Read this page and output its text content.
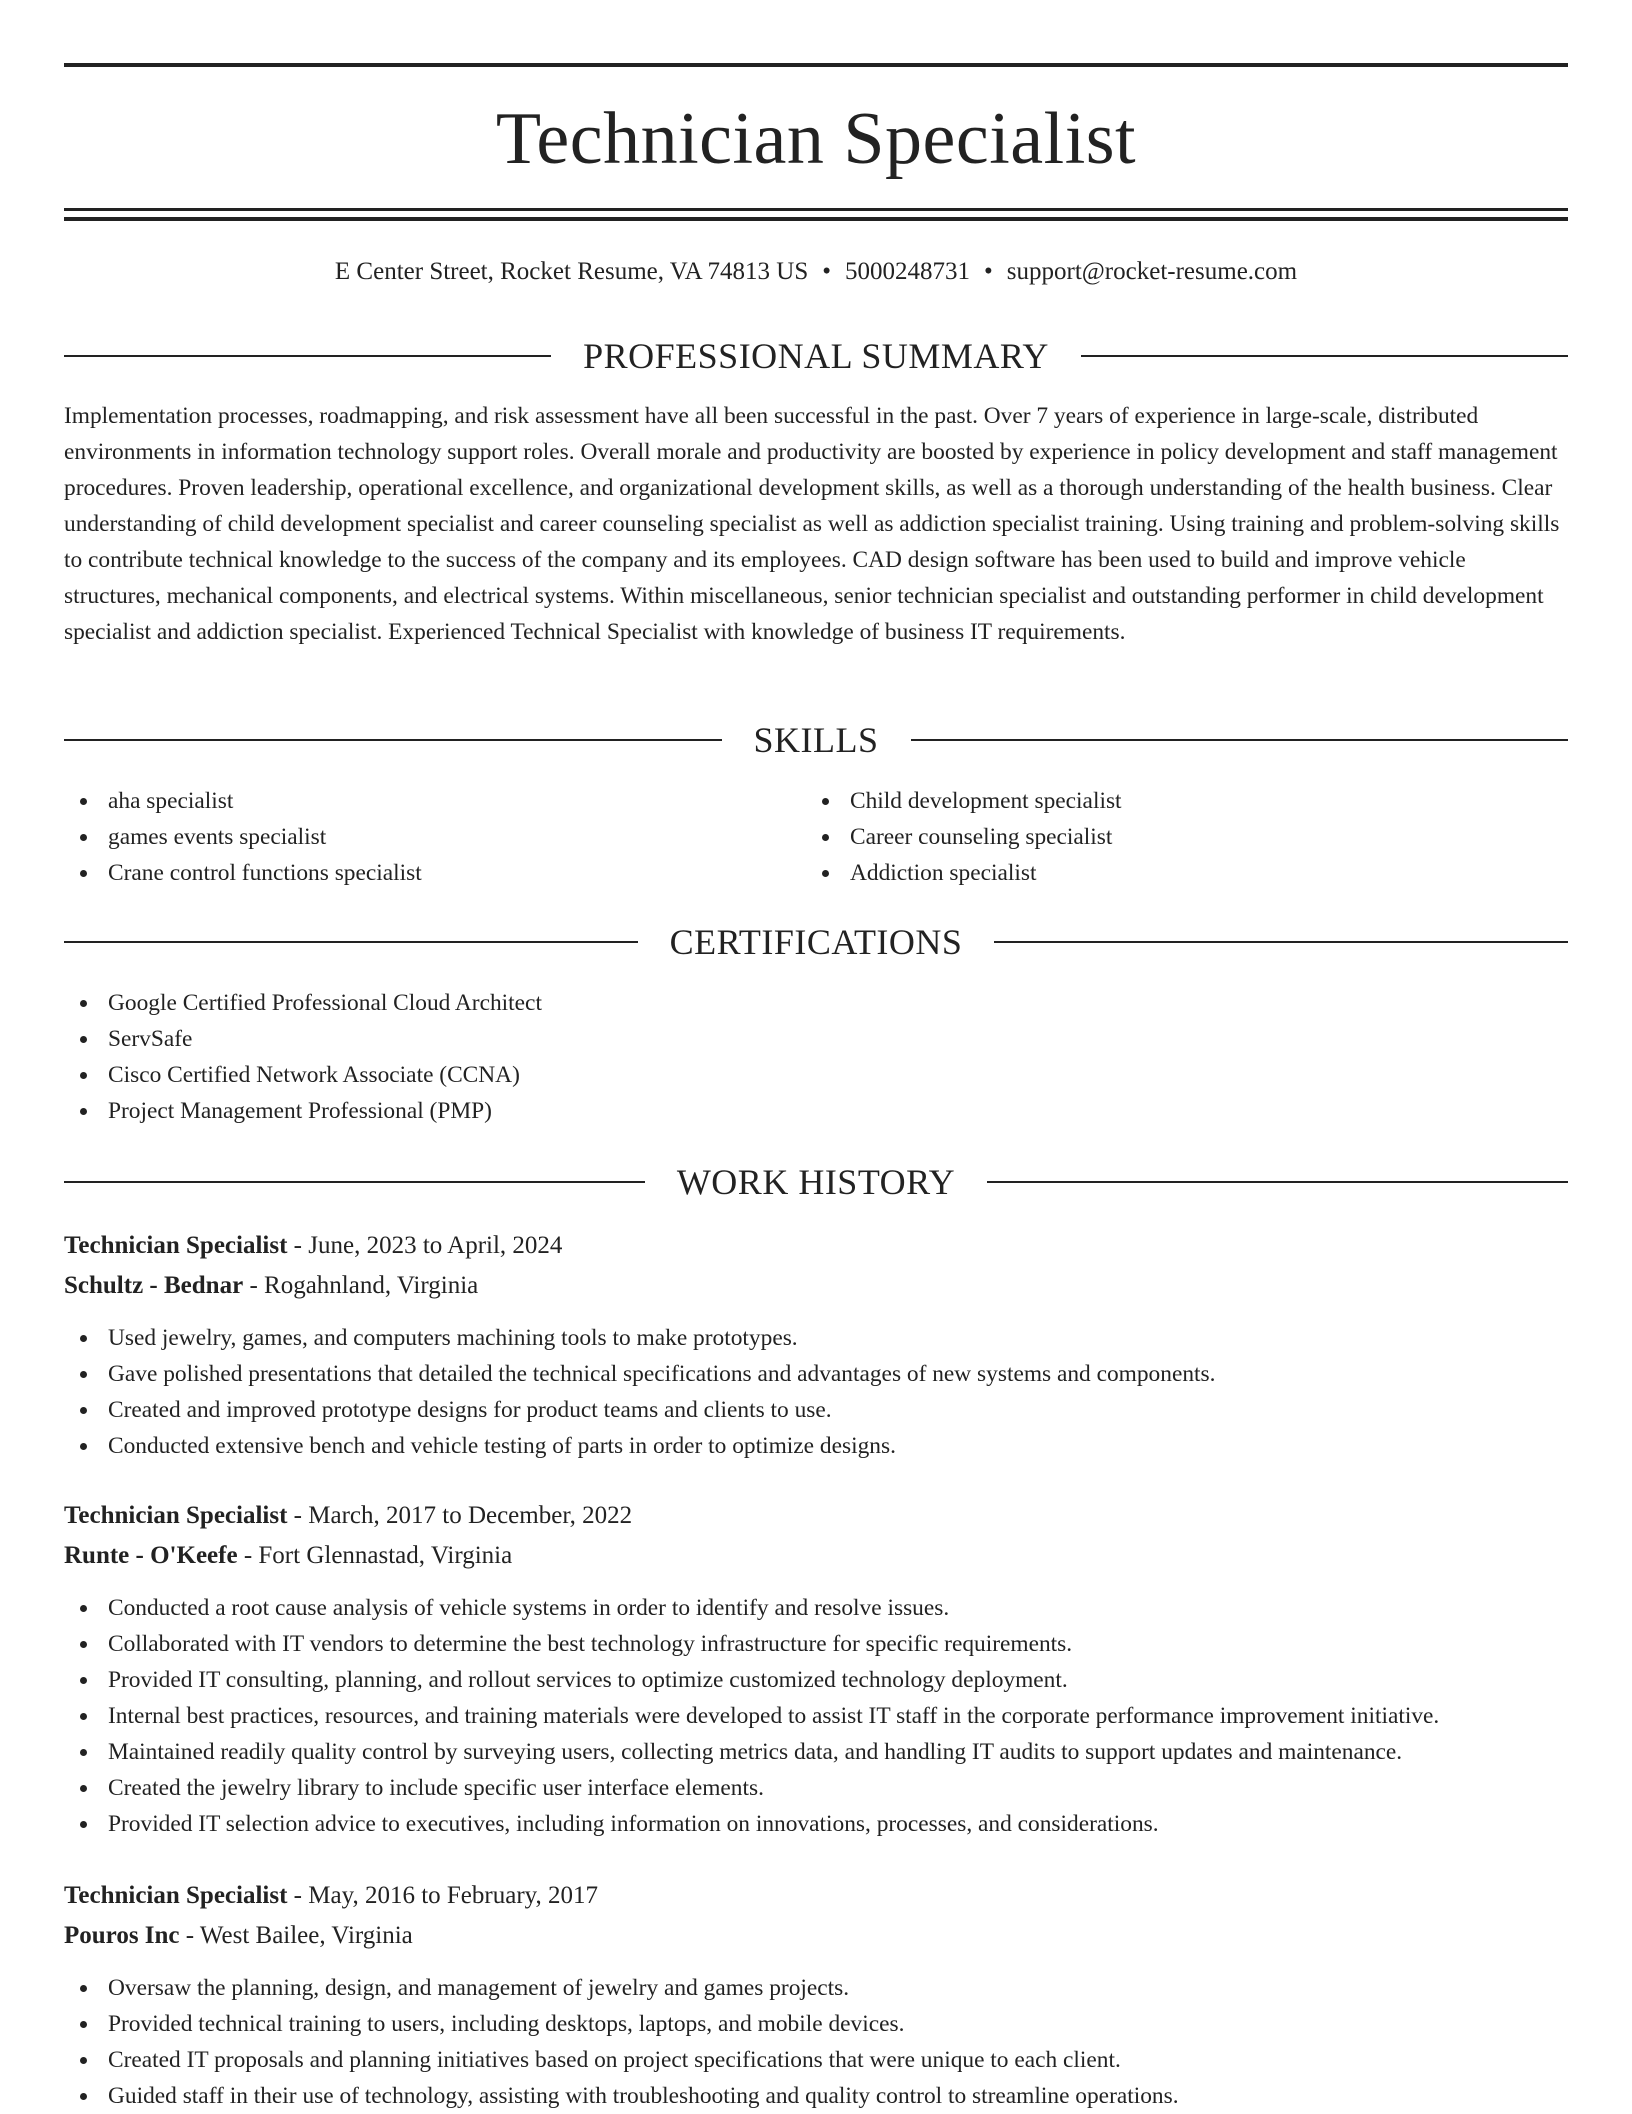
Technician Specialist
E Center Street, Rocket Resume, VA 74813 US • 5000248731 • support@rocket-resume.com
PROFESSIONAL SUMMARY

Implementation processes, roadmapping, and risk assessment have all been successful in the past. Over 7 years of experience in large-scale, distributed environments in information technology support roles. Overall morale and productivity are boosted by experience in policy development and staff management procedures. Proven leadership, operational excellence, and organizational development skills, as well as a thorough understanding of the health business. Clear understanding of child development specialist and career counseling specialist as well as addiction specialist training. Using training and problem-solving skills to contribute technical knowledge to the success of the company and its employees. CAD design software has been used to build and improve vehicle structures, mechanical components, and electrical systems. Within miscellaneous, senior technician specialist and outstanding performer in child development specialist and addiction specialist. Experienced Technical Specialist with knowledge of business IT requirements.

SKILLS
aha specialist
games events specialist
Crane control functions specialist
Child development specialist
Career counseling specialist
Addiction specialist
CERTIFICATIONS
Google Certified Professional Cloud Architect
ServSafe
Cisco Certified Network Associate (CCNA)
Project Management Professional (PMP)
WORK HISTORY
Technician Specialist - June, 2023 to April, 2024
Schultz - Bednar - Rogahnland, Virginia
Used jewelry, games, and computers machining tools to make prototypes.
Gave polished presentations that detailed the technical specifications and advantages of new systems and components.
Created and improved prototype designs for product teams and clients to use.
Conducted extensive bench and vehicle testing of parts in order to optimize designs.
Technician Specialist - March, 2017 to December, 2022
Runte - O'Keefe - Fort Glennastad, Virginia
Conducted a root cause analysis of vehicle systems in order to identify and resolve issues.
Collaborated with IT vendors to determine the best technology infrastructure for specific requirements.
Provided IT consulting, planning, and rollout services to optimize customized technology deployment.
Internal best practices, resources, and training materials were developed to assist IT staff in the corporate performance improvement initiative.
Maintained readily quality control by surveying users, collecting metrics data, and handling IT audits to support updates and maintenance.
Created the jewelry library to include specific user interface elements.
Provided IT selection advice to executives, including information on innovations, processes, and considerations.
Technician Specialist - May, 2016 to February, 2017
Pouros Inc - West Bailee, Virginia
Oversaw the planning, design, and management of jewelry and games projects.
Provided technical training to users, including desktops, laptops, and mobile devices.
Created IT proposals and planning initiatives based on project specifications that were unique to each client.
Guided staff in their use of technology, assisting with troubleshooting and quality control to streamline operations.
